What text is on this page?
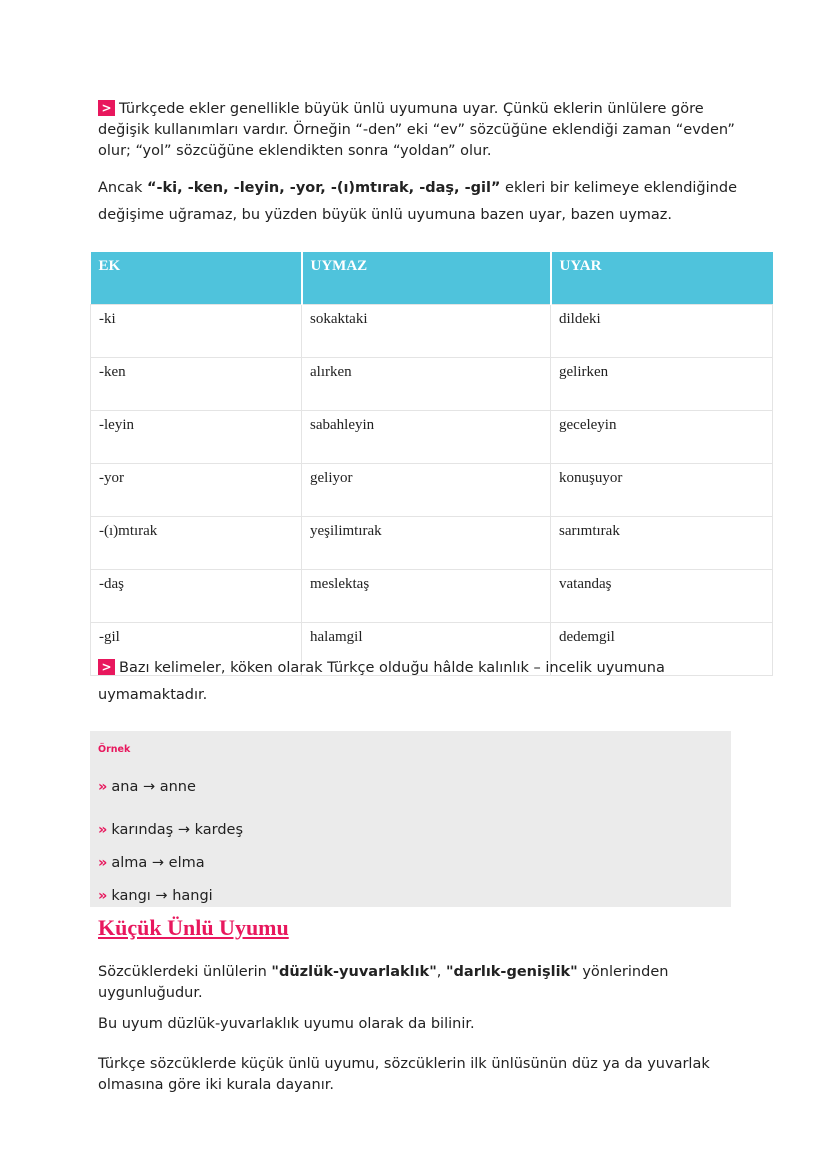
> Türkçede ekler genellikle büyük ünlü uyumuna uyar. Çünkü eklerin ünlülere göre değişik kullanımları vardır. Örneğin “-den” eki “ev” sözcüğüne eklendiği zaman “evden” olur; “yol” sözcüğüne eklendikten sonra “yoldan” olur.

Ancak “-ki, -ken, -leyin, -yor, -(ı)mtırak, -daş, -gil” ekleri bir kelimeye eklendiğinde değişime uğramaz, bu yüzden büyük ünlü uyumuna bazen uyar, bazen uymaz.

EK	UYMAZ	UYAR
-ki	sokaktaki	dildeki
-ken	alırken	gelirken
-leyin	sabahleyin	geceleyin
-yor	geliyor	konuşuyor
-(ı)mtırak	yeşilimtırak	sarımtırak
-daş	meslektaş	vatandaş
-gil	halamgil	dedemgil

> Bazı kelimeler, köken olarak Türkçe olduğu hâlde kalınlık – incelik uyumuna uymamaktadır.

Örnek
» ana → anne
» karındaş → kardeş
» alma → elma
» kangı → hangi
Küçük Ünlü Uyumu

Sözcüklerdeki ünlülerin "düzlük-yuvarlaklık", "darlık-genişlik" yönlerinden uygunluğudur.

Bu uyum düzlük-yuvarlaklık uyumu olarak da bilinir.

Türkçe sözcüklerde küçük ünlü uyumu, sözcüklerin ilk ünlüsünün düz ya da yuvarlak olmasına göre iki kurala dayanır.
